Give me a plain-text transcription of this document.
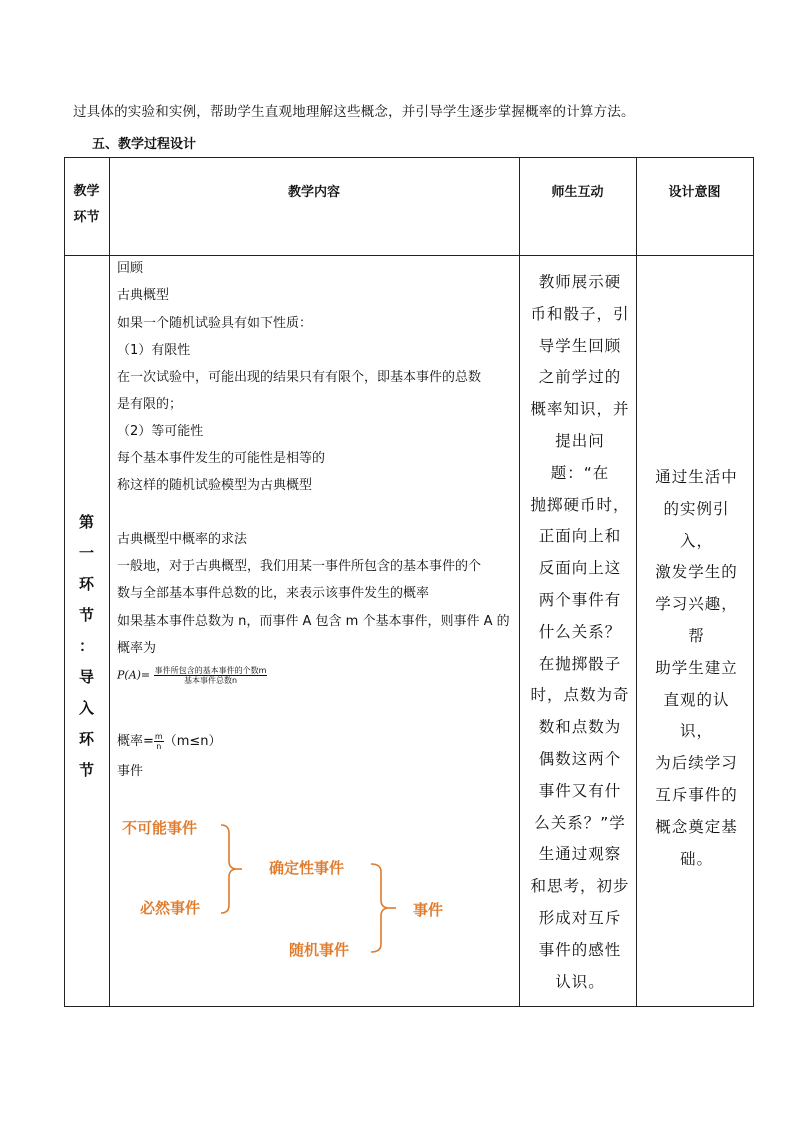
过具体的实验和实例，帮助学生直观地理解这些概念，并引导学生逐步掌握概率的计算方法。
五、教学过程设计
教学
环节
教学内容	师生互动	设计意图
第
一
环
节
：
导
入
环
节
回顾
古典概型
如果一个随机试验具有如下性质：
（1）有限性
在一次试验中，可能出现的结果只有有限个，即基本事件的总数
是有限的；
（2）等可能性
每个基本事件发生的可能性是相等的
称这样的随机试验模型为古典概型
古典概型中概率的求法
一般地，对于古典概型，我们用某一事件所包含的基本事件的个
数与全部基本事件总数的比，来表示该事件发生的概率
如果基本事件总数为 n，而事件 A 包含 m 个基本事件，则事件 A 的
概率为
$P(A)= \frac{\text{事件所包含的基本事件的个数m}}{\text{基本事件总数n}}$
概率= $\frac{m}{n} (m\le n)$
事件
不可能事件
必然事件
确定性事件
随机事件
事件
教师展示硬
币和骰子，引
导学生回顾
之前学过的
概率知识，并
提出问题：“在
抛掷硬币时，
正面向上和
反面向上这
两个事件有
什么关系？
在抛掷骰子
时，点数为奇
数和点数为
偶数这两个
事件又有什
么关系？”学
生通过观察
和思考，初步
形成对互斥
事件的感性
认识。
通过生活中
的实例引入，
激发学生的
学习兴趣，帮
助学生建立
直观的认识，
为后续学习
互斥事件的
概念奠定基
础。
